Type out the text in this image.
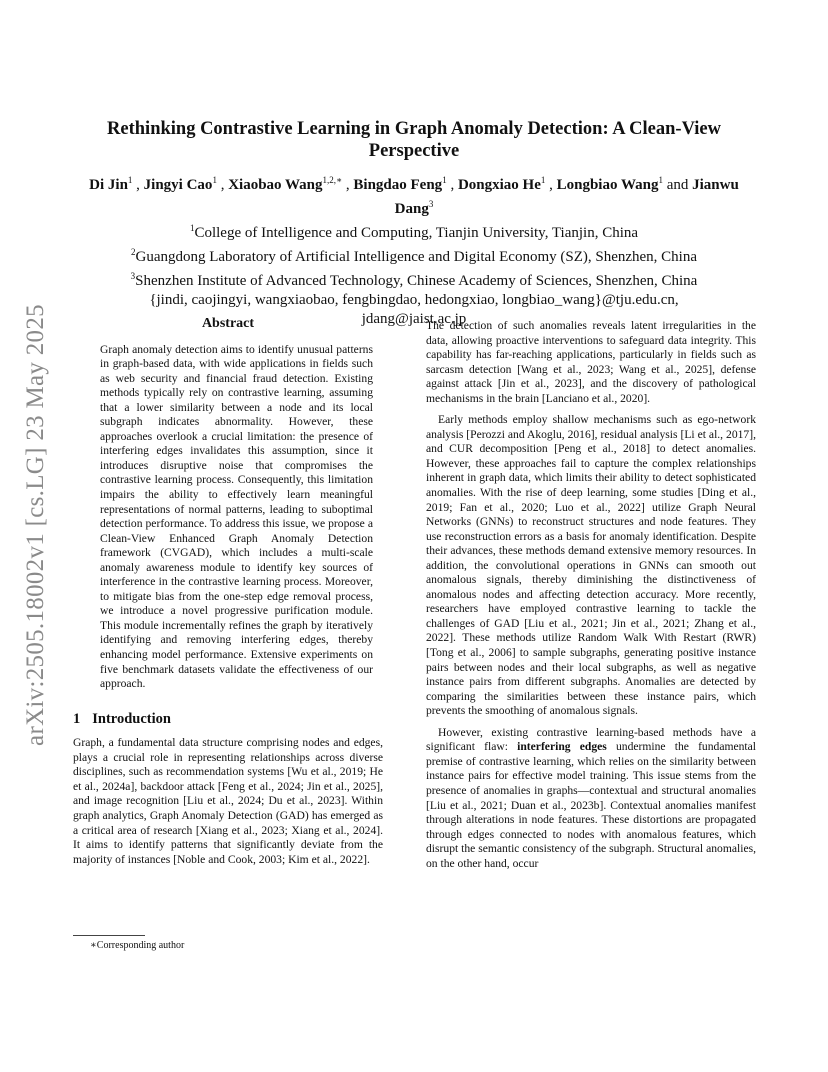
arXiv:2505.18002v1 [cs.LG] 23 May 2025
Rethinking Contrastive Learning in Graph Anomaly Detection: A Clean-View Perspective
Di Jin$^1$ , Jingyi Cao$^1$ , Xiaobao Wang$^{1,2,∗}$ , Bingdao Feng$^1$ , Dongxiao He$^1$ , Longbiao Wang$^1$ and Jianwu Dang$^3$
$^1$College of Intelligence and Computing, Tianjin University, Tianjin, China
$^2$Guangdong Laboratory of Artificial Intelligence and Digital Economy (SZ), Shenzhen, China
$^3$Shenzhen Institute of Advanced Technology, Chinese Academy of Sciences, Shenzhen, China
{jindi, caojingyi, wangxiaobao, fengbingdao, hedongxiao, longbiao_wang}@tju.edu.cn,
jdang@jaist.ac.jp
Abstract

Graph anomaly detection aims to identify unusual patterns in graph-based data, with wide applications in fields such as web security and financial fraud detection. Existing methods typically rely on contrastive learning, assuming that a lower similarity between a node and its local subgraph indicates abnormality. However, these approaches overlook a crucial limitation: the presence of interfering edges invalidates this assumption, since it introduces disruptive noise that compromises the contrastive learning process. Consequently, this limitation impairs the ability to effectively learn meaningful representations of normal patterns, leading to suboptimal detection performance. To address this issue, we propose a Clean-View Enhanced Graph Anomaly Detection framework (CVGAD), which includes a multi-scale anomaly awareness module to identify key sources of interference in the contrastive learning process. Moreover, to mitigate bias from the one-step edge removal process, we introduce a novel progressive purification module. This module incrementally refines the graph by iteratively identifying and removing interfering edges, thereby enhancing model performance. Extensive experiments on five benchmark datasets validate the effectiveness of our approach.

1 Introduction

Graph, a fundamental data structure comprising nodes and edges, plays a crucial role in representing relationships across diverse disciplines, such as recommendation systems [Wu et al., 2019; He et al., 2024a], backdoor attack [Feng et al., 2024; Jin et al., 2025], and image recognition [Liu et al., 2024; Du et al., 2023]. Within graph analytics, Graph Anomaly Detection (GAD) has emerged as a critical area of research [Xiang et al., 2023; Xiang et al., 2024]. It aims to identify patterns that significantly deviate from the majority of instances [Noble and Cook, 2003; Kim et al., 2022].

∗Corresponding author

The detection of such anomalies reveals latent irregularities in the data, allowing proactive interventions to safeguard data integrity. This capability has far-reaching applications, particularly in fields such as sarcasm detection [Wang et al., 2023; Wang et al., 2025], defense against attack [Jin et al., 2023], and the discovery of pathological mechanisms in the brain [Lanciano et al., 2020].

Early methods employ shallow mechanisms such as ego-network analysis [Perozzi and Akoglu, 2016], residual analysis [Li et al., 2017], and CUR decomposition [Peng et al., 2018] to detect anomalies. However, these approaches fail to capture the complex relationships inherent in graph data, which limits their ability to detect sophisticated anomalies. With the rise of deep learning, some studies [Ding et al., 2019; Fan et al., 2020; Luo et al., 2022] utilize Graph Neural Networks (GNNs) to reconstruct structures and node features. They use reconstruction errors as a basis for anomaly identification. Despite their advances, these methods demand extensive memory resources. In addition, the convolutional operations in GNNs can smooth out anomalous signals, thereby diminishing the distinctiveness of anomalous nodes and affecting detection accuracy. More recently, researchers have employed contrastive learning to tackle the challenges of GAD [Liu et al., 2021; Jin et al., 2021; Zhang et al., 2022]. These methods utilize Random Walk With Restart (RWR) [Tong et al., 2006] to sample subgraphs, generating positive instance pairs between nodes and their local subgraphs, as well as negative instance pairs from different subgraphs. Anomalies are detected by comparing the similarities between these instance pairs, which prevents the smoothing of anomalous signals.

However, existing contrastive learning-based methods have a significant flaw: interfering edges undermine the fundamental premise of contrastive learning, which relies on the similarity between instance pairs for effective model training. This issue stems from the presence of anomalies in graphs—contextual and structural anomalies [Liu et al., 2021; Duan et al., 2023b]. Contextual anomalies manifest through alterations in node features. These distortions are propagated through edges connected to nodes with anomalous features, which disrupt the semantic consistency of the subgraph. Structural anomalies, on the other hand, occur
